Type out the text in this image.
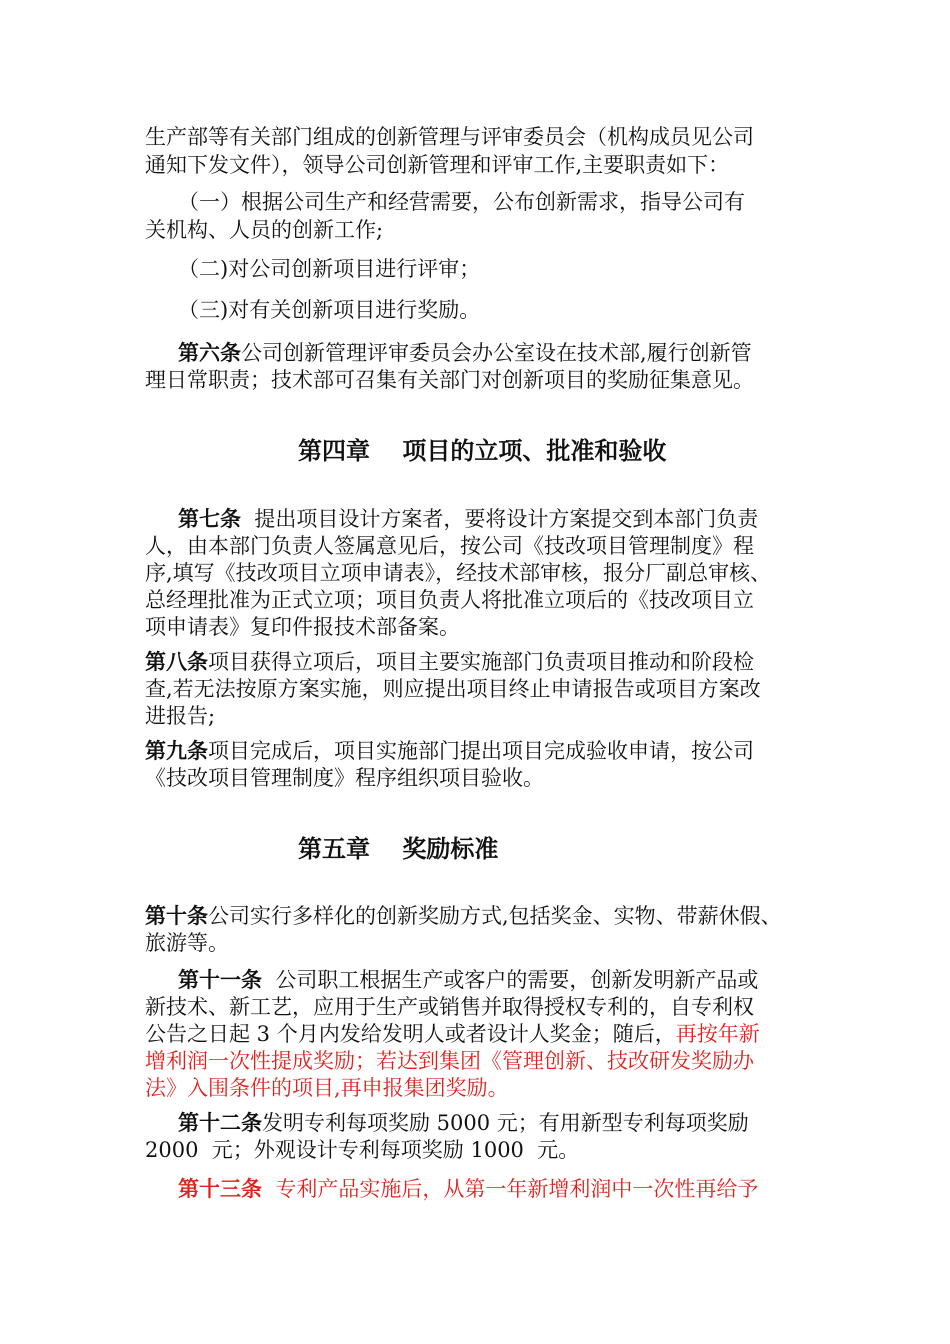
生产部等有关部门组成的创新管理与评审委员会（机构成员见公司
通知下发文件），领导公司创新管理和评审工作,主要职责如下：
（一）根据公司生产和经营需要，公布创新需求，指导公司有
关机构、人员的创新工作;
（二)对公司创新项目进行评审；
（三)对有关创新项目进行奖励。
第六条公司创新管理评审委员会办公室设在技术部,履行创新管
理日常职责；技术部可召集有关部门对创新项目的奖励征集意见。
第四章　 项目的立项、批准和验收
第七条  提出项目设计方案者，要将设计方案提交到本部门负责
人，由本部门负责人签属意见后，按公司《技改项目管理制度》程
序,填写《技改项目立项申请表》，经技术部审核，报分厂副总审核、
总经理批准为正式立项；项目负责人将批准立项后的《技改项目立
项申请表》复印件报技术部备案。
第八条项目获得立项后，项目主要实施部门负责项目推动和阶段检
查,若无法按原方案实施，则应提出项目终止申请报告或项目方案改
进报告;
第九条项目完成后，项目实施部门提出项目完成验收申请，按公司
《技改项目管理制度》程序组织项目验收。
第五章　 奖励标准
第十条公司实行多样化的创新奖励方式,包括奖金、实物、带薪休假、
旅游等。
第十一条  公司职工根据生产或客户的需要，创新发明新产品或
新技术、新工艺，应用于生产或销售并取得授权专利的，自专利权
公告之日起 3 个月内发给发明人或者设计人奖金；随后，再按年新
增利润一次性提成奖励；若达到集团《管理创新、技改研发奖励办
法》入围条件的项目,再申报集团奖励。
第十二条发明专利每项奖励 5000 元；有用新型专利每项奖励
2000  元；外观设计专利每项奖励 1000  元。
第十三条  专利产品实施后，从第一年新增利润中一次性再给予
